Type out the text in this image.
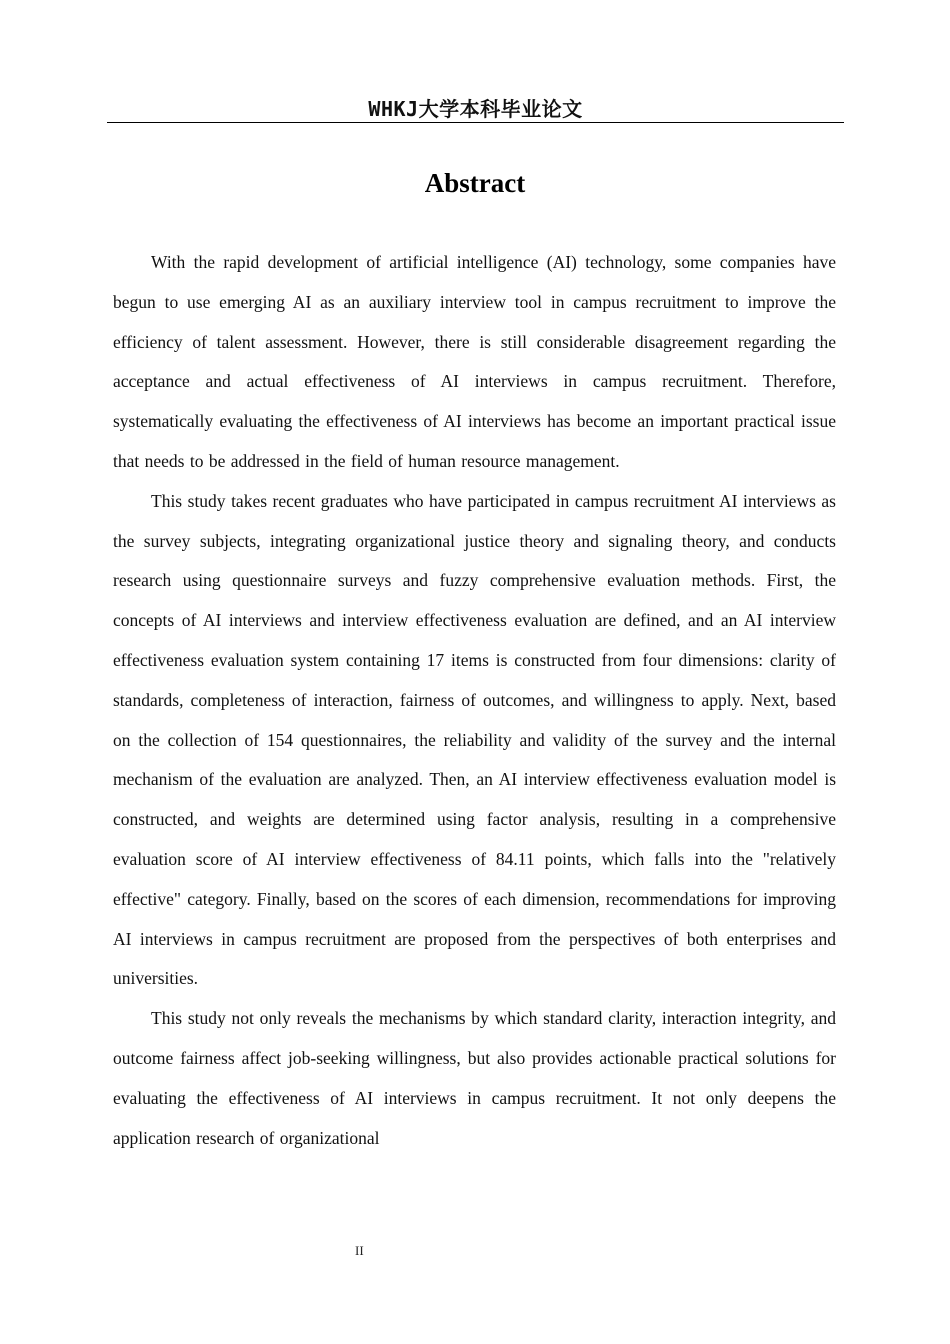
WHKJ大学本科毕业论文
Abstract

With the rapid development of artificial intelligence (AI) technology, some companies have begun to use emerging AI as an auxiliary interview tool in campus recruitment to improve the efficiency of talent assessment. However, there is still considerable disagreement regarding the acceptance and actual effectiveness of AI interviews in campus recruitment. Therefore, systematically evaluating the effectiveness of AI interviews has become an important practical issue that needs to be addressed in the field of human resource management.

This study takes recent graduates who have participated in campus recruitment AI interviews as the survey subjects, integrating organizational justice theory and signaling theory, and conducts research using questionnaire surveys and fuzzy comprehensive evaluation methods. First, the concepts of AI interviews and interview effectiveness evaluation are defined, and an AI interview effectiveness evaluation system containing 17 items is constructed from four dimensions: clarity of standards, completeness of interaction, fairness of outcomes, and willingness to apply. Next, based on the collection of 154 questionnaires, the reliability and validity of the survey and the internal mechanism of the evaluation are analyzed. Then, an AI interview effectiveness evaluation model is constructed, and weights are determined using factor analysis, resulting in a comprehensive evaluation score of AI interview effectiveness of 84.11 points, which falls into the "relatively effective" category. Finally, based on the scores of each dimension, recommendations for improving AI interviews in campus recruitment are proposed from the perspectives of both enterprises and universities.

This study not only reveals the mechanisms by which standard clarity, interaction integrity, and outcome fairness affect job-seeking willingness, but also provides actionable practical solutions for evaluating the effectiveness of AI interviews in campus recruitment. It not only deepens the application research of organizational

II
